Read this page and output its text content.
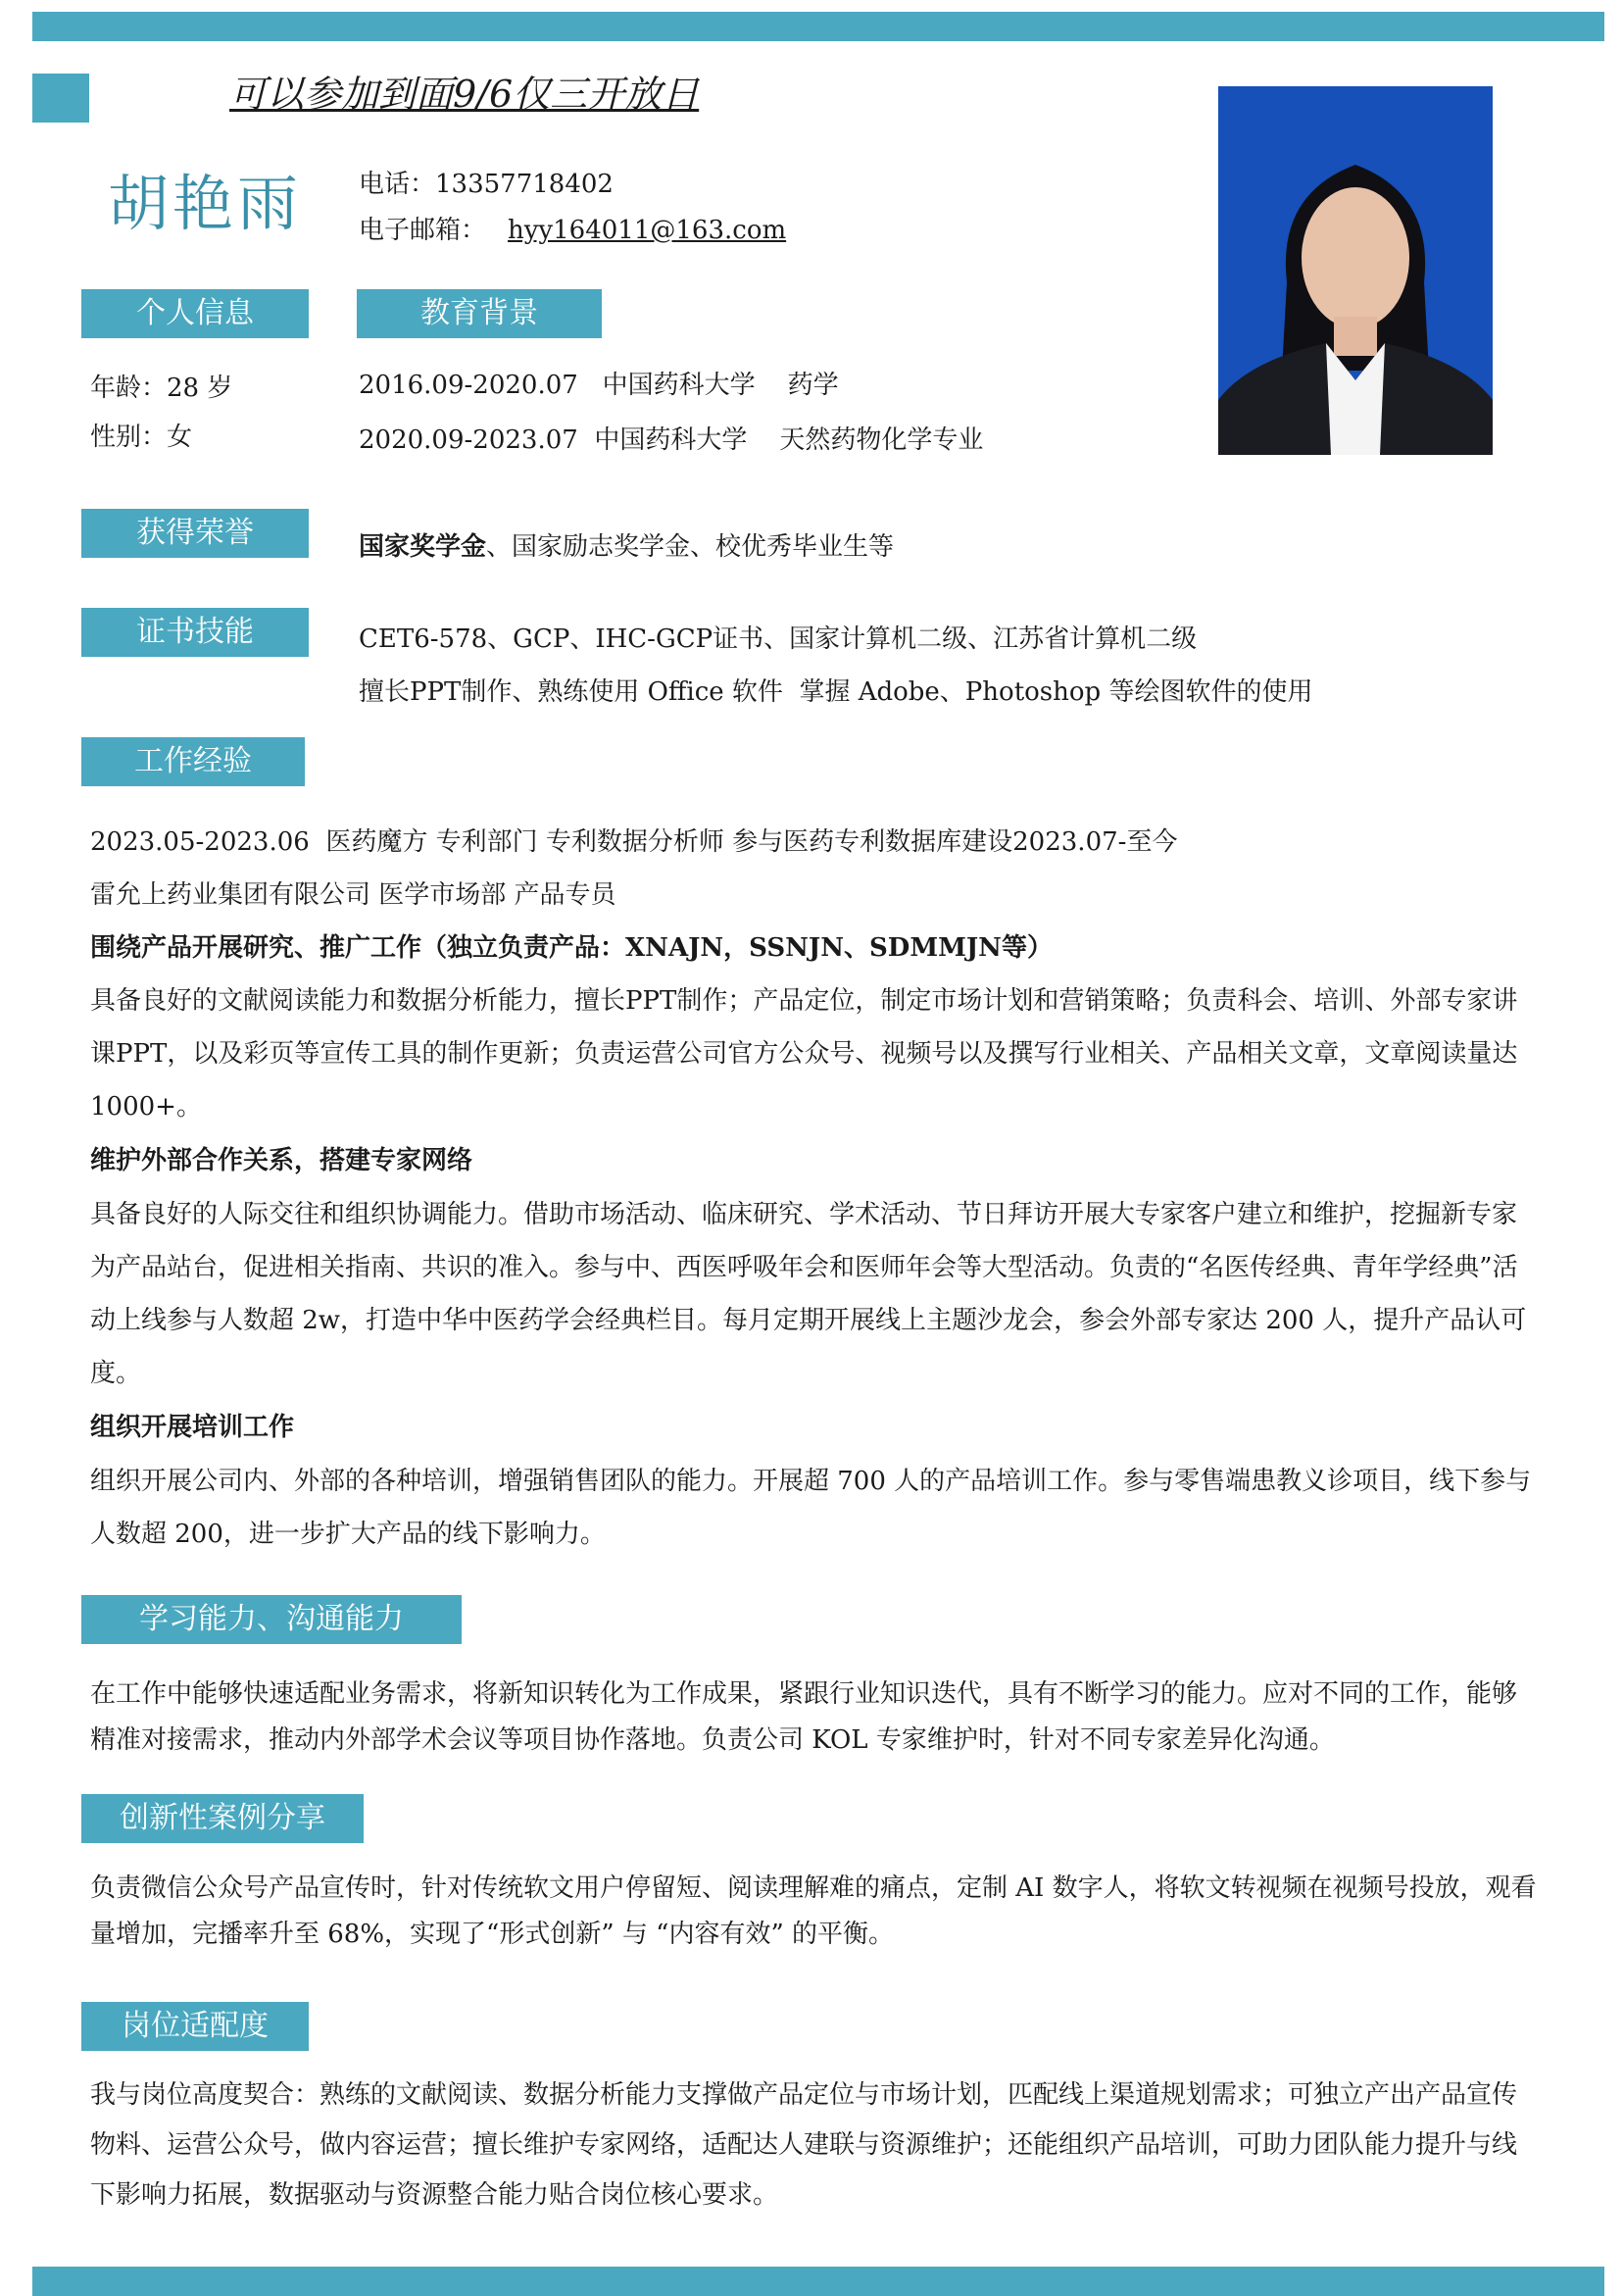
可以参加到面9/6仅三开放日
胡艳雨 电话：13357718402
电子邮箱： hyy164011@163.com
个人信息
年龄：28 岁
性别：女
教育背景
2016.09-2020.07   中国药科大学    药学
2020.09-2023.07  中国药科大学    天然药物化学专业
获得荣誉	国家奖学金、国家励志奖学金、校优秀毕业生等
证书技能	CET6-578、GCP、IHC-GCP证书、国家计算机二级、江苏省计算机二级
擅长PPT制作、熟练使用 Office 软件  掌握 Adobe、Photoshop 等绘图软件的使用
工作经验
2023.05-2023.06  医药魔方 专利部门 专利数据分析师 参与医药专利数据库建设2023.07-至今
雷允上药业集团有限公司 医学市场部 产品专员
围绕产品开展研究、推广工作（独立负责产品：XNAJN，SSNJN、SDMMJN等）
具备良好的文献阅读能力和数据分析能力，擅长PPT制作；产品定位，制定市场计划和营销策略；负责科会、培训、外部专家讲课PPT，以及彩页等宣传工具的制作更新；负责运营公司官方公众号、视频号以及撰写行业相关、产品相关文章，文章阅读量达 1000+。
维护外部合作关系，搭建专家网络
具备良好的人际交往和组织协调能力。借助市场活动、临床研究、学术活动、节日拜访开展大专家客户建立和维护，挖掘新专家为产品站台，促进相关指南、共识的准入。参与中、西医呼吸年会和医师年会等大型活动。负责的“名医传经典、青年学经典”活动上线参与人数超 2w，打造中华中医药学会经典栏目。每月定期开展线上主题沙龙会，参会外部专家达 200 人，提升产品认可度。
组织开展培训工作
组织开展公司内、外部的各种培训，增强销售团队的能力。开展超 700 人的产品培训工作。参与零售端患教义诊项目，线下参与人数超 200，进一步扩大产品的线下影响力。
学习能力、沟通能力
在工作中能够快速适配业务需求，将新知识转化为工作成果，紧跟行业知识迭代，具有不断学习的能力。应对不同的工作，能够精准对接需求，推动内外部学术会议等项目协作落地。负责公司 KOL 专家维护时，针对不同专家差异化沟通。
创新性案例分享
负责微信公众号产品宣传时，针对传统软文用户停留短、阅读理解难的痛点，定制 AI 数字人，将软文转视频在视频号投放，观看量增加，完播率升至 68%，实现了“形式创新” 与 “内容有效” 的平衡。
岗位适配度
我与岗位高度契合：熟练的文献阅读、数据分析能力支撑做产品定位与市场计划，匹配线上渠道规划需求；可独立产出产品宣传物料、运营公众号，做内容运营；擅长维护专家网络，适配达人建联与资源维护；还能组织产品培训，可助力团队能力提升与线下影响力拓展，数据驱动与资源整合能力贴合岗位核心要求。
